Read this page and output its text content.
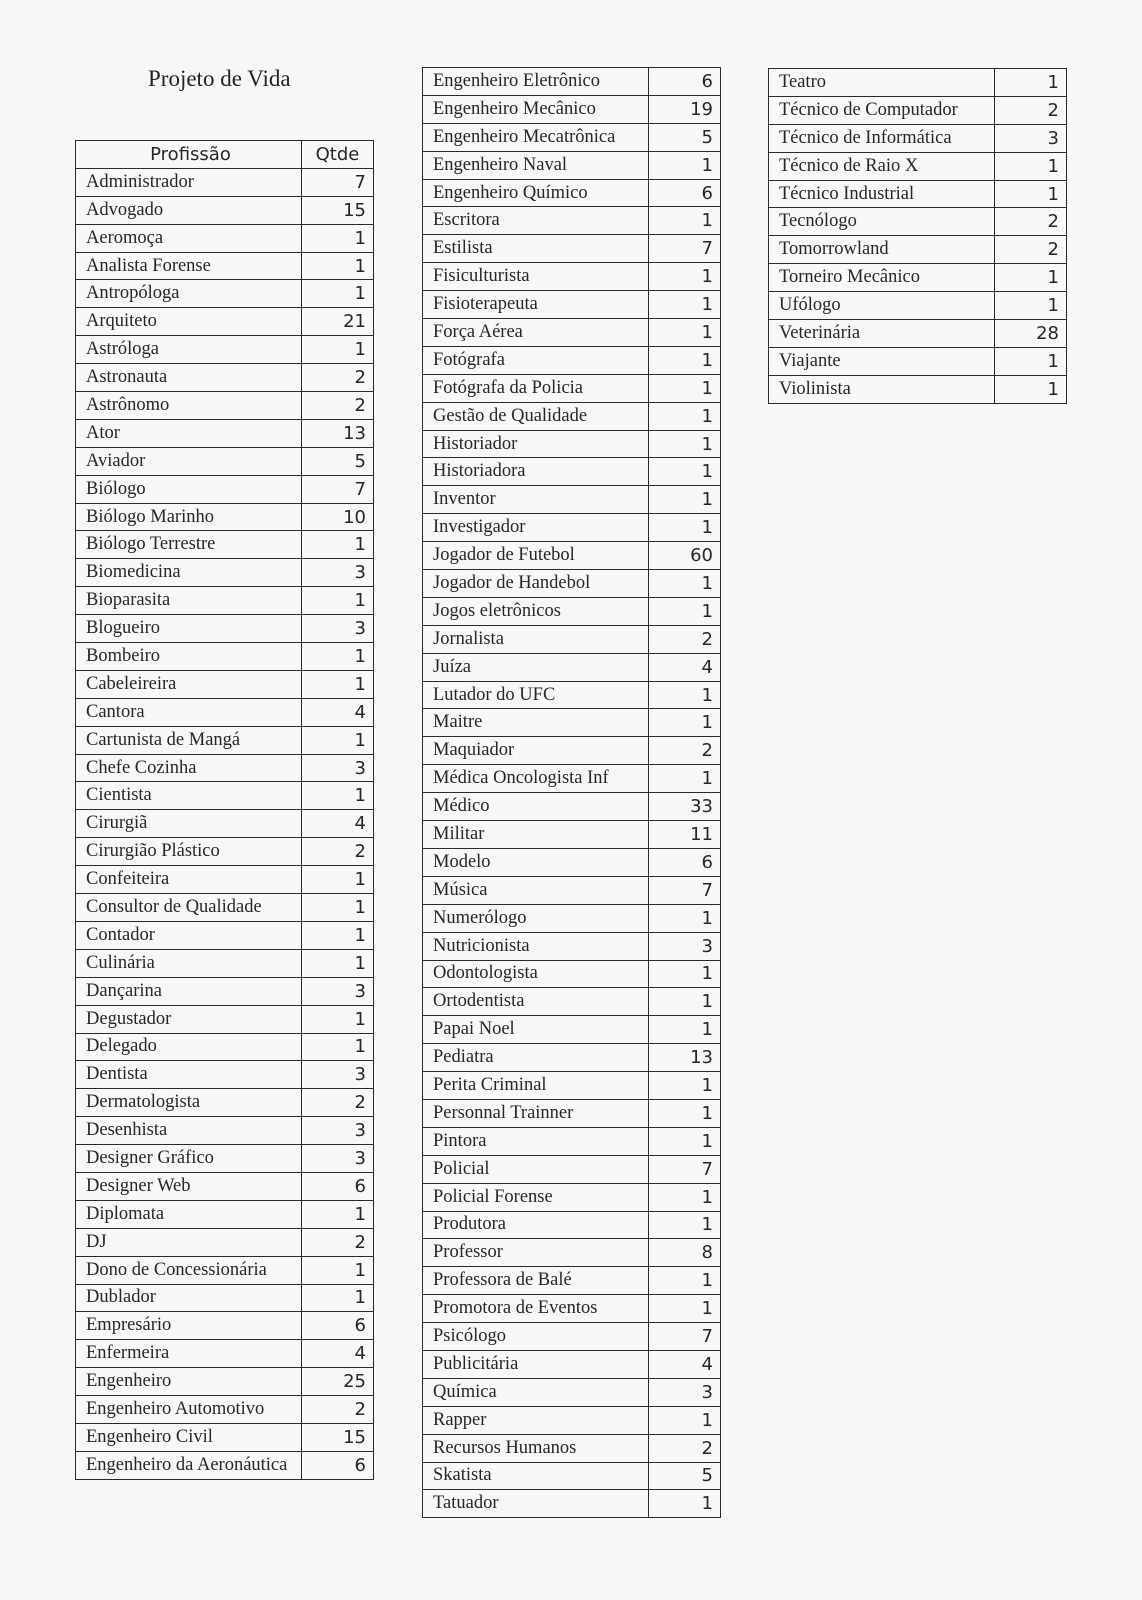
Projeto de Vida
Profissão	Qtde
Administrador	7
Advogado	15
Aeromoça	1
Analista Forense	1
Antropóloga	1
Arquiteto	21
Astróloga	1
Astronauta	2
Astrônomo	2
Ator	13
Aviador	5
Biólogo	7
Biólogo Marinho	10
Biólogo Terrestre	1
Biomedicina	3
Bioparasita	1
Blogueiro	3
Bombeiro	1
Cabeleireira	1
Cantora	4
Cartunista de Mangá	1
Chefe Cozinha	3
Cientista	1
Cirurgiã	4
Cirurgião Plástico	2
Confeiteira	1
Consultor de Qualidade	1
Contador	1
Culinária	1
Dançarina	3
Degustador	1
Delegado	1
Dentista	3
Dermatologista	2
Desenhista	3
Designer Gráfico	3
Designer Web	6
Diplomata	1
DJ	2
Dono de Concessionária	1
Dublador	1
Empresário	6
Enfermeira	4
Engenheiro	25
Engenheiro Automotivo	2
Engenheiro Civil	15
Engenheiro da Aeronáutica	6
Engenheiro Eletrônico	6
Engenheiro Mecânico	19
Engenheiro Mecatrônica	5
Engenheiro Naval	1
Engenheiro Químico	6
Escritora	1
Estilista	7
Fisiculturista	1
Fisioterapeuta	1
Força Aérea	1
Fotógrafa	1
Fotógrafa da Policia	1
Gestão de Qualidade	1
Historiador	1
Historiadora	1
Inventor	1
Investigador	1
Jogador de Futebol	60
Jogador de Handebol	1
Jogos eletrônicos	1
Jornalista	2
Juíza	4
Lutador do UFC	1
Maitre	1
Maquiador	2
Médica Oncologista Inf	1
Médico	33
Militar	11
Modelo	6
Música	7
Numerólogo	1
Nutricionista	3
Odontologista	1
Ortodentista	1
Papai Noel	1
Pediatra	13
Perita Criminal	1
Personnal Trainner	1
Pintora	1
Policial	7
Policial Forense	1
Produtora	1
Professor	8
Professora de Balé	1
Promotora de Eventos	1
Psicólogo	7
Publicitária	4
Química	3
Rapper	1
Recursos Humanos	2
Skatista	5
Tatuador	1
Teatro	1
Técnico de Computador	2
Técnico de Informática	3
Técnico de Raio X	1
Técnico Industrial	1
Tecnólogo	2
Tomorrowland	2
Torneiro Mecânico	1
Ufólogo	1
Veterinária	28
Viajante	1
Violinista	1
